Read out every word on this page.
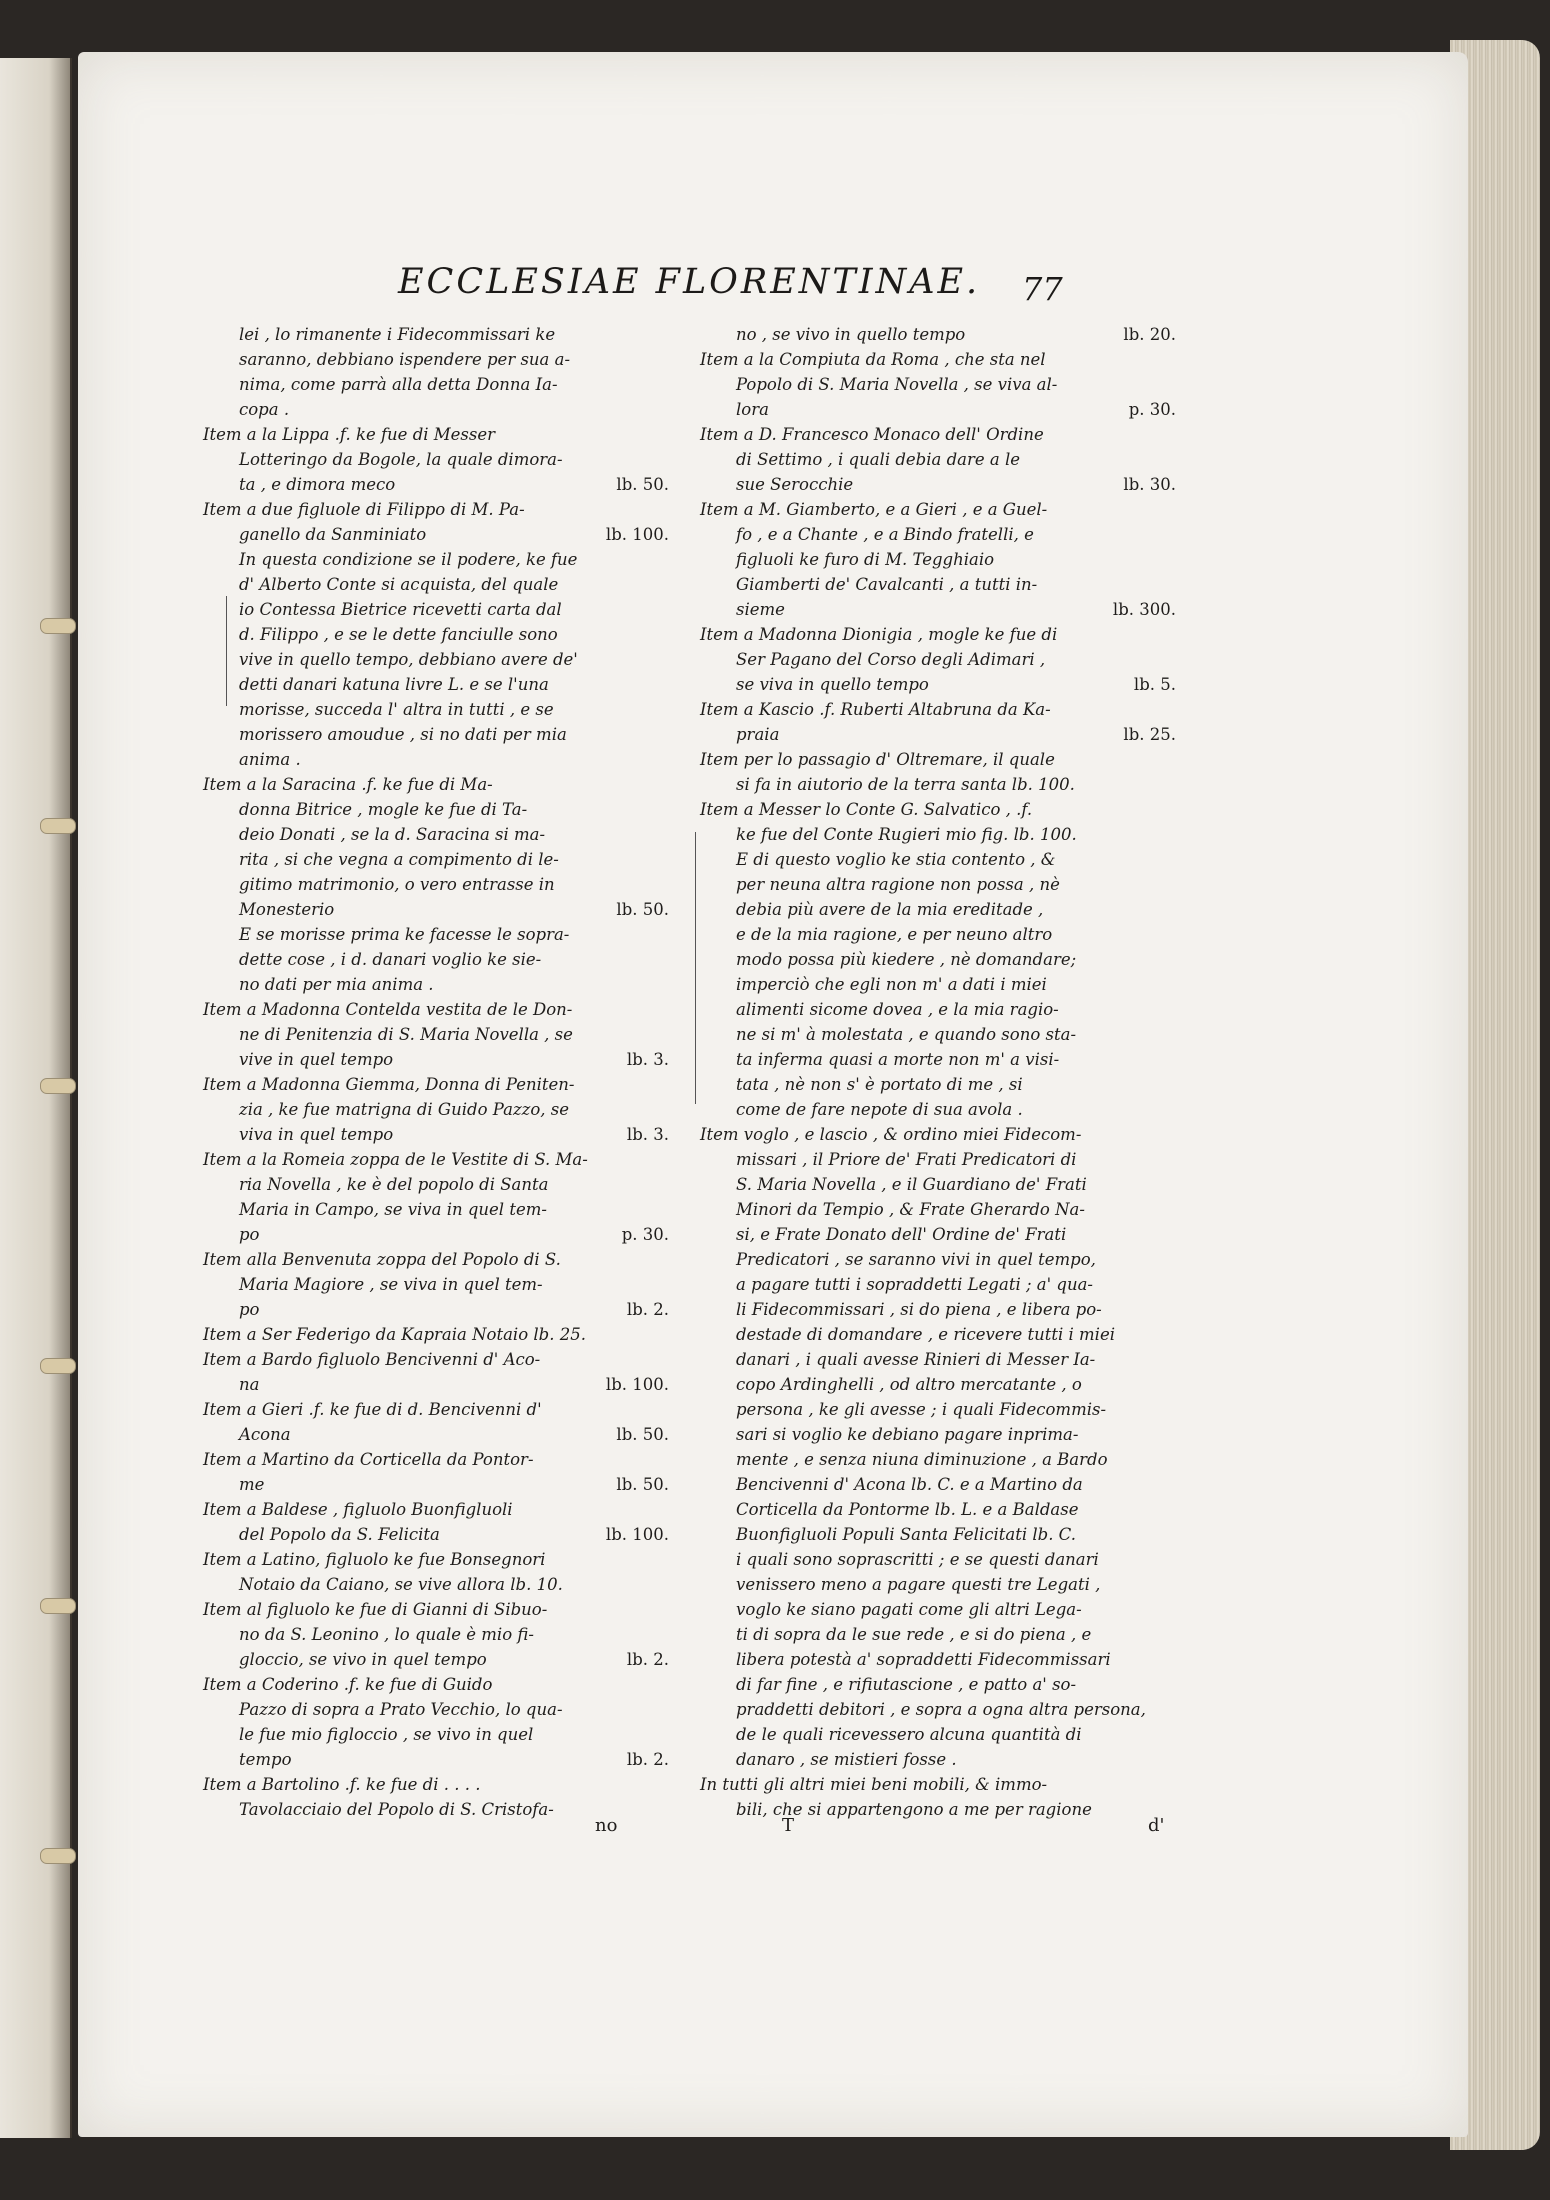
ECCLESIAE FLORENTINAE.	77
lei , lo rimanente i Fidecommissari ke
saranno, debbiano ispendere per sua a-
nima, come parrà alla detta Donna Ia-
copa .
Item a la Lippa .f. ke fue di Messer
Lotteringo da Bogole, la quale dimora-
ta , e dimora meco	lb. 50.
Item a due figluole di Filippo di M. Pa-
ganello da Sanminiato	lb. 100.
In questa condizione se il podere, ke fue
d' Alberto Conte si acquista, del quale
io Contessa Bietrice ricevetti carta dal
d. Filippo , e se le dette fanciulle sono
vive in quello tempo, debbiano avere de'
detti danari katuna livre L. e se l'una
morisse, succeda l' altra in tutti , e se
morissero amoudue , si no dati per mia
anima .
Item a la Saracina .f. ke fue di Ma-
donna Bitrice , mogle ke fue di Ta-
deio Donati , se la d. Saracina si ma-
rita , si che vegna a compimento di le-
gitimo matrimonio, o vero entrasse in
Monesterio	lb. 50.
E se morisse prima ke facesse le sopra-
dette cose , i d. danari voglio ke sie-
no dati per mia anima .
Item a Madonna Contelda vestita de le Don-
ne di Penitenzia di S. Maria Novella , se
vive in quel tempo	lb. 3.
Item a Madonna Giemma, Donna di Peniten-
zia , ke fue matrigna di Guido Pazzo, se
viva in quel tempo	lb. 3.
Item a la Romeia zoppa de le Vestite di S. Ma-
ria Novella , ke è del popolo di Santa
Maria in Campo, se viva in quel tem-
po	p. 30.
Item alla Benvenuta zoppa del Popolo di S.
Maria Magiore , se viva in quel tem-
po	lb. 2.
Item a Ser Federigo da Kapraia Notaio lb. 25.
Item a Bardo figluolo Bencivenni d' Aco-
na	lb. 100.
Item a Gieri .f. ke fue di d. Bencivenni d'
Acona	lb. 50.
Item a Martino da Corticella da Pontor-
me	lb. 50.
Item a Baldese , figluolo Buonfigluoli
del Popolo da S. Felicita	lb. 100.
Item a Latino, figluolo ke fue Bonsegnori
Notaio da Caiano, se vive allora lb. 10.
Item al figluolo ke fue di Gianni di Sibuo-
no da S. Leonino , lo quale è mio fi-
gloccio, se vivo in quel tempo	lb. 2.
Item a Coderino .f. ke fue di Guido
Pazzo di sopra a Prato Vecchio, lo qua-
le fue mio figloccio , se vivo in quel
tempo	lb. 2.
Item a Bartolino .f. ke fue di . . . .
Tavolacciaio del Popolo di S. Cristofa-
no , se vivo in quello tempo	lb. 20.
Item a la Compiuta da Roma , che sta nel
Popolo di S. Maria Novella , se viva al-
lora	p. 30.
Item a D. Francesco Monaco dell' Ordine
di Settimo , i quali debia dare a le
sue Serocchie	lb. 30.
Item a M. Giamberto, e a Gieri , e a Guel-
fo , e a Chante , e a Bindo fratelli, e
figluoli ke furo di M. Tegghiaio
Giamberti de' Cavalcanti , a tutti in-
sieme	lb. 300.
Item a Madonna Dionigia , mogle ke fue di
Ser Pagano del Corso degli Adimari ,
se viva in quello tempo	lb. 5.
Item a Kascio .f. Ruberti Altabruna da Ka-
praia	lb. 25.
Item per lo passagio d' Oltremare, il quale
si fa in aiutorio de la terra santa lb. 100.
Item a Messer lo Conte G. Salvatico , .f.
ke fue del Conte Rugieri mio fig. lb. 100.
E di questo voglio ke stia contento , &
per neuna altra ragione non possa , nè
debia più avere de la mia ereditade ,
e de la mia ragione, e per neuno altro
modo possa più kiedere , nè domandare;
imperciò che egli non m' a dati i miei
alimenti sicome dovea , e la mia ragio-
ne si m' à molestata , e quando sono sta-
ta inferma quasi a morte non m' a visi-
tata , nè non s' è portato di me , si
come de fare nepote di sua avola .
Item voglo , e lascio , & ordino miei Fidecom-
missari , il Priore de' Frati Predicatori di
S. Maria Novella , e il Guardiano de' Frati
Minori da Tempio , & Frate Gherardo Na-
si, e Frate Donato dell' Ordine de' Frati
Predicatori , se saranno vivi in quel tempo,
a pagare tutti i sopraddetti Legati ; a' qua-
li Fidecommissari , si do piena , e libera po-
destade di domandare , e ricevere tutti i miei
danari , i quali avesse Rinieri di Messer Ia-
copo Ardinghelli , od altro mercatante , o
persona , ke gli avesse ; i quali Fidecommis-
sari si voglio ke debiano pagare inprima-
mente , e senza niuna diminuzione , a Bardo
Bencivenni d' Acona lb. C. e a Martino da
Corticella da Pontorme lb. L. e a Baldase
Buonfigluoli Populi Santa Felicitati lb. C.
i quali sono soprascritti ; e se questi danari
venissero meno a pagare questi tre Legati ,
voglo ke siano pagati come gli altri Lega-
ti di sopra da le sue rede , e si do piena , e
libera potestà a' sopraddetti Fidecommissari
di far fine , e rifiutascione , e patto a' so-
praddetti debitori , e sopra a ogna altra persona,
de le quali ricevessero alcuna quantità di
danaro , se mistieri fosse .
In tutti gli altri miei beni mobili, & immo-
bili, che si appartengono a me per ragione
no	T	d'
